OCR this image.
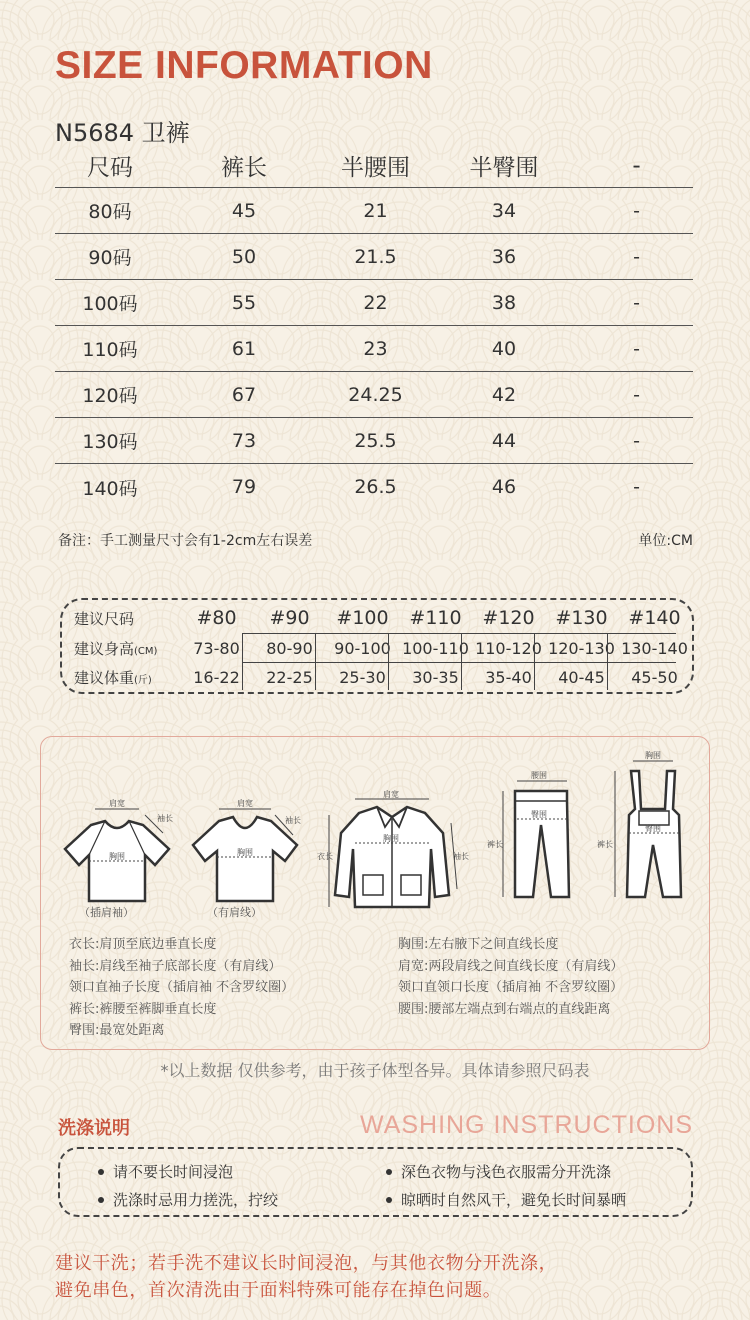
SIZE INFORMATION
N5684 卫裤
尺码	裤长	半腰围	半臀围	-
80码	45	21	34	-
90码	50	21.5	36	-
100码	55	22	38	-
110码	61	23	40	-
120码	67	24.25	42	-
130码	73	25.5	44	-
140码	79	26.5	46	-
备注：手工测量尺寸会有1-2cm左右误差	单位:CM
建议尺码	#80	#90	#100	#110	#120	#130	#140
建议身高(CM)	73-80	80-90	90-100 100-110 110-120 120-130 130-140
建议体重(斤)	16-22	22-25	25-30	30-35	35-40	40-45	45-50
肩宽
袖长
胸围
（插肩袖）
肩宽
袖长
胸围
（有肩线）
肩宽
衣长	袖长
胸围
腰围
臀围
裤长
胸围
臀围
裤长
衣长:肩顶至底边垂直长度
袖长:肩线至袖子底部长度（有肩线）
领口直袖子长度（插肩袖 不含罗纹圈）
裤长:裤腰至裤脚垂直长度
臀围:最宽处距离
胸围:左右腋下之间直线长度
肩宽:两段肩线之间直线长度（有肩线）
领口直领口长度（插肩袖 不含罗纹圈）
腰围:腰部左端点到右端点的直线距离
*以上数据 仅供参考，由于孩子体型各异。具体请参照尺码表
洗涤说明	WASHING INSTRUCTIONS
请不要长时间浸泡	深色衣物与浅色衣服需分开洗涤
洗涤时忌用力搓洗，拧绞	晾晒时自然风干，避免长时间暴晒
建议干洗；若手洗不建议长时间浸泡，与其他衣物分开洗涤，
避免串色，首次清洗由于面料特殊可能存在掉色问题。
